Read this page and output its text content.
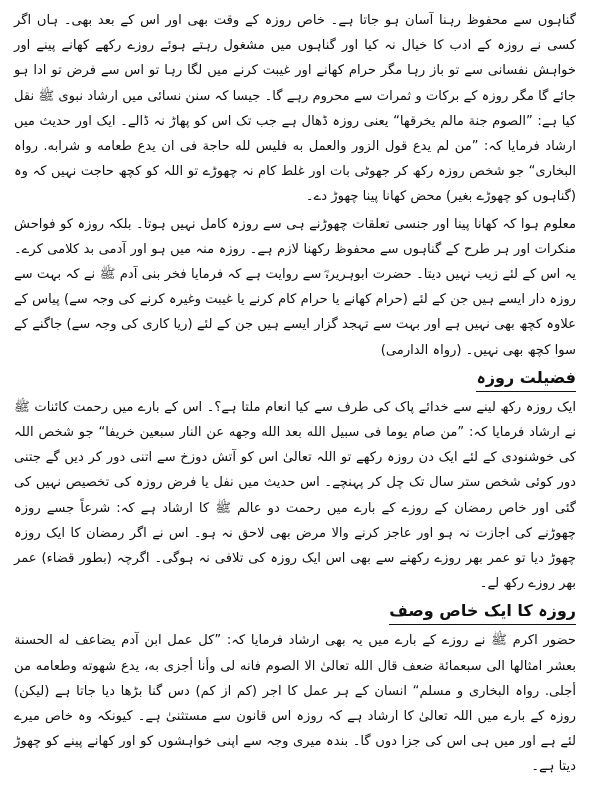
گناہوں سے محفوظ رہنا آسان ہو جاتا ہے۔ خاص روزہ کے وقت بھی اور اس کے بعد بھی۔ ہاں اگر کسی نے روزہ کے ادب کا خیال نہ کیا اور گناہوں میں مشغول رہتے ہوئے روزے رکھے کھانے پینے اور خواہش نفسانی سے تو باز رہا مگر حرام کھانے اور غیبت کرنے میں لگا رہا تو اس سے فرض تو ادا ہو جائے گا مگر روزہ کے برکات و ثمرات سے محروم رہے گا۔ جیسا کہ سنن نسائی میں ارشاد نبوی ﷺ نقل کیا ہے: ”الصوم جنة مالم یخرقھا“ یعنی روزہ ڈھال ہے جب تک اس کو پھاڑ نہ ڈالے۔ ایک اور حدیث میں ارشاد فرمایا کہ: ”من لم یدع قول الزور والعمل به فلیس لله حاجة فی ان یدع طعامه و شرابه. رواہ البخاری“ جو شخص روزہ رکھ کر جھوٹی بات اور غلط کام نہ چھوڑے تو اللہ کو کچھ حاجت نہیں کہ وہ (گناہوں کو چھوڑے بغیر) محض کھانا پینا چھوڑ دے۔

معلوم ہوا کہ کھانا پینا اور جنسی تعلقات چھوڑنے ہی سے روزہ کامل نہیں ہوتا۔ بلکہ روزہ کو فواحش منکرات اور ہر طرح کے گناہوں سے محفوظ رکھنا لازم ہے۔ روزہ منہ میں ہو اور آدمی بد کلامی کرے۔ یہ اس کے لئے زیب نہیں دیتا۔ حضرت ابوہریرہؓ سے روایت ہے کہ فرمایا فخر بنی آدم ﷺ نے کہ بہت سے روزہ دار ایسے ہیں جن کے لئے (حرام کھانے یا حرام کام کرنے یا غیبت وغیرہ کرنے کی وجہ سے) پیاس کے علاوہ کچھ بھی نہیں ہے اور بہت سے تہجد گزار ایسے ہیں جن کے لئے (ریا کاری کی وجہ سے) جاگنے کے سوا کچھ بھی نہیں۔ (رواہ الدارمی)

فضیلت روزہ

ایک روزہ رکھ لینے سے خدائے پاک کی طرف سے کیا انعام ملتا ہے؟۔ اس کے بارے میں رحمت کائنات ﷺ نے ارشاد فرمایا کہ: ”من صام یوما فی سبیل الله بعد الله وجھه عن النار سبعین خریفا“ جو شخص اللہ کی خوشنودی کے لئے ایک دن روزہ رکھے تو اللہ تعالیٰ اس کو آتش دوزخ سے اتنی دور کر دیں گے جتنی دور کوئی شخص ستر سال تک چل کر پہنچے۔ اس حدیث میں نفل یا فرض روزہ کی تخصیص نہیں کی گئی اور خاص رمضان کے روزے کے بارے میں رحمت دو عالم ﷺ کا ارشاد ہے کہ: شرعاً جسے روزہ چھوڑنے کی اجازت نہ ہو اور عاجز کرنے والا مرض بھی لاحق نہ ہو۔ اس نے اگر رمضان کا ایک روزہ چھوڑ دیا تو عمر بھر روزے رکھنے سے بھی اس ایک روزہ کی تلافی نہ ہوگی۔ اگرچہ (بطور قضاء) عمر بھر روزے رکھ لے۔

روزہ کا ایک خاص وصف

حضور اکرم ﷺ نے روزے کے بارے میں یہ بھی ارشاد فرمایا کہ: ”کل عمل ابن آدم یضاعف له الحسنة بعشر امثالھا الی سبعمائة ضعف قال الله تعالیٰ الا الصوم فانه لی وأنا أجزی به، یدع شھوته وطعامه من أجلی. رواہ البخاری و مسلم“ انسان کے ہر عمل کا اجر (کم از کم) دس گنا بڑھا دیا جاتا ہے (لیکن) روزہ کے بارے میں اللہ تعالیٰ کا ارشاد ہے کہ روزہ اس قانون سے مستثنیٰ ہے۔ کیونکہ وہ خاص میرے لئے ہے اور میں ہی اس کی جزا دوں گا۔ بندہ میری وجہ سے اپنی خواہشوں کو اور کھانے پینے کو چھوڑ دیتا ہے۔
